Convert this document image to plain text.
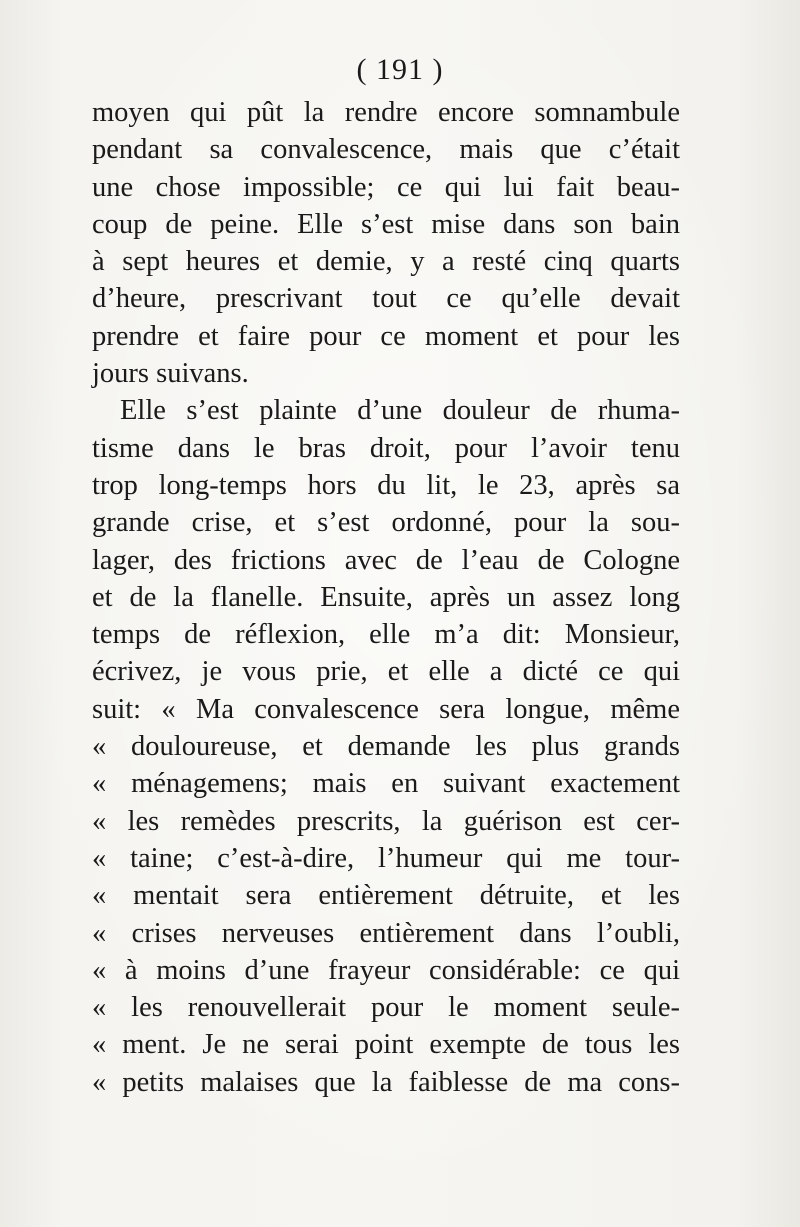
( 191 )
moyen qui pût la rendre encore somnambule
pendant sa convalescence, mais que c’était
une chose impossible; ce qui lui fait beau-
coup de peine. Elle s’est mise dans son bain
à sept heures et demie, y a resté cinq quarts
d’heure, prescrivant tout ce qu’elle devait
prendre et faire pour ce moment et pour les
jours suivans.
Elle s’est plainte d’une douleur de rhuma-
tisme dans le bras droit, pour l’avoir tenu
trop long-temps hors du lit, le 23, après sa
grande crise, et s’est ordonné, pour la sou-
lager, des frictions avec de l’eau de Cologne
et de la flanelle. Ensuite, après un assez long
temps de réflexion, elle m’a dit: Monsieur,
écrivez, je vous prie, et elle a dicté ce qui
suit: « Ma convalescence sera longue, même
« douloureuse, et demande les plus grands
« ménagemens; mais en suivant exactement
« les remèdes prescrits, la guérison est cer-
« taine; c’est-à-dire, l’humeur qui me tour-
« mentait sera entièrement détruite, et les
« crises nerveuses entièrement dans l’oubli,
« à moins d’une frayeur considérable: ce qui
« les renouvellerait pour le moment seule-
« ment. Je ne serai point exempte de tous les
« petits malaises que la faiblesse de ma cons-
